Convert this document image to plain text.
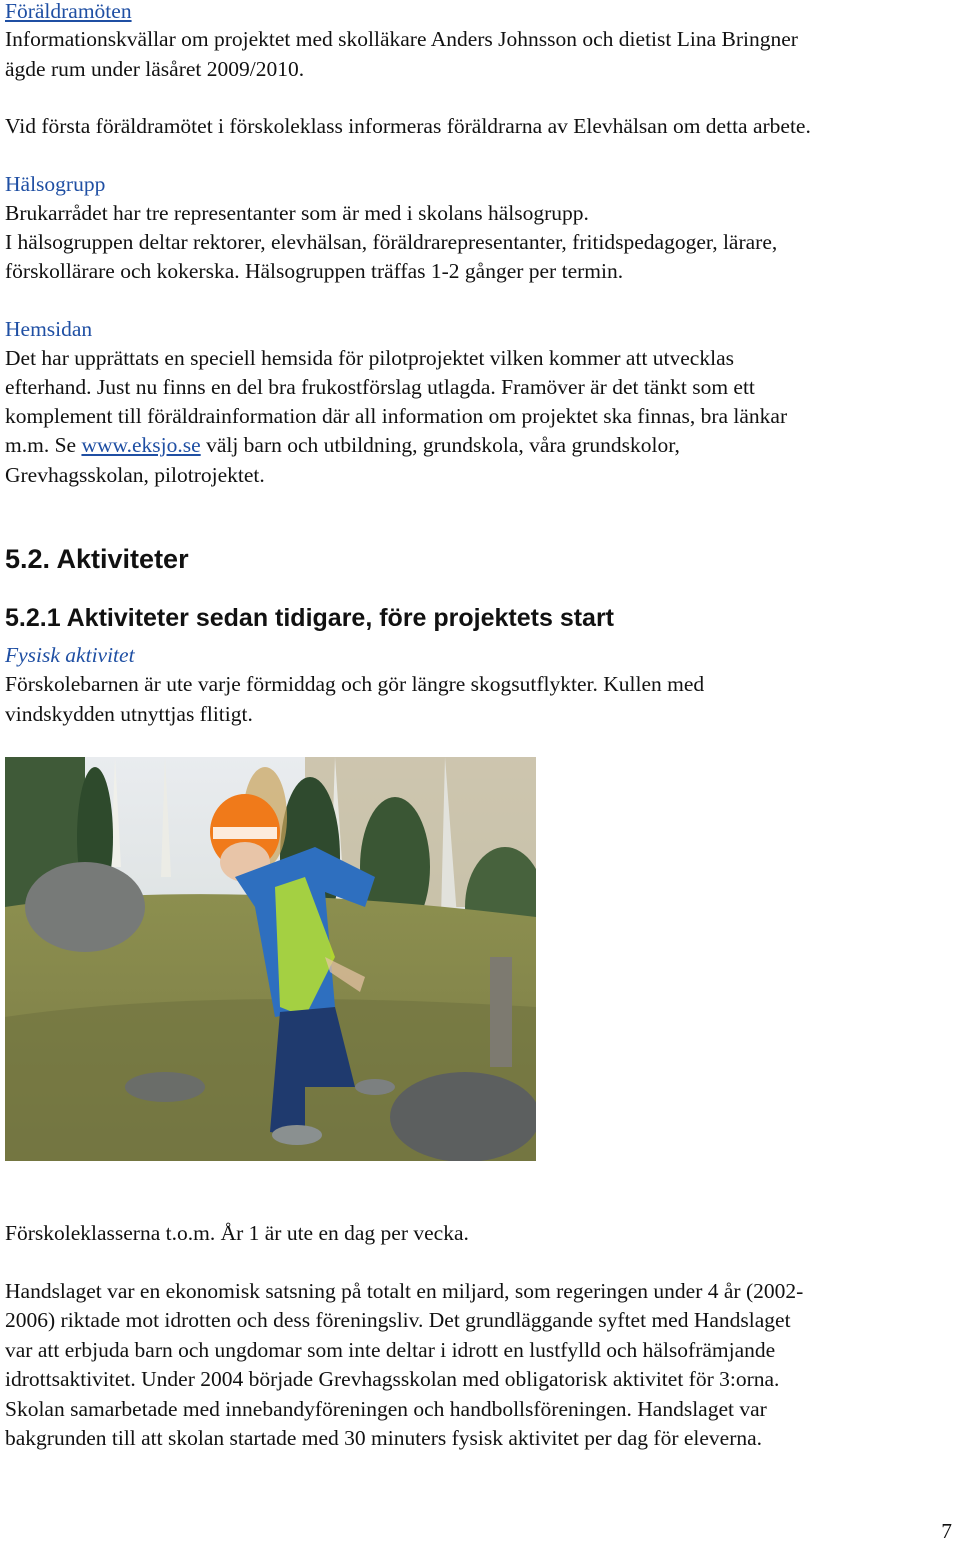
Föräldramöten

Informationskvällar om projektet med skolläkare Anders Johnsson och dietist Lina Bringner

ägde rum under läsåret 2009/2010.

Vid första föräldramötet i förskoleklass informeras föräldrarna av Elevhälsan om detta arbete.

Hälsogrupp

Brukarrådet har tre representanter som är med i skolans hälsogrupp.

I hälsogruppen deltar rektorer, elevhälsan, föräldrarepresentanter, fritidspedagoger, lärare,

förskollärare och kokerska. Hälsogruppen träffas 1-2 gånger per termin.

Hemsidan

Det har upprättats en speciell hemsida för pilotprojektet vilken kommer att utvecklas

efterhand. Just nu finns en del bra frukostförslag utlagda. Framöver är det tänkt som ett

komplement till föräldrainformation där all information om projektet ska finnas, bra länkar

m.m. Se www.eksjo.se välj barn och utbildning, grundskola, våra grundskolor,

Grevhagsskolan, pilotrojektet.

5.2. Aktiviteter

5.2.1 Aktiviteter sedan tidigare, före projektets start

Fysisk aktivitet

Förskolebarnen är ute varje förmiddag och gör längre skogsutflykter. Kullen med

vindskydden utnyttjas flitigt.

Förskoleklasserna t.o.m. År 1 är ute en dag per vecka.

Handslaget var en ekonomisk satsning på totalt en miljard, som regeringen under 4 år (2002-

2006) riktade mot idrotten och dess föreningsliv. Det grundläggande syftet med Handslaget

var att erbjuda barn och ungdomar som inte deltar i idrott en lustfylld och hälsofrämjande

idrottsaktivitet. Under 2004 började Grevhagsskolan med obligatorisk aktivitet för 3:orna.

Skolan samarbetade med innebandyföreningen och handbollsföreningen. Handslaget var

bakgrunden till att skolan startade med 30 minuters fysisk aktivitet per dag för eleverna.

7
